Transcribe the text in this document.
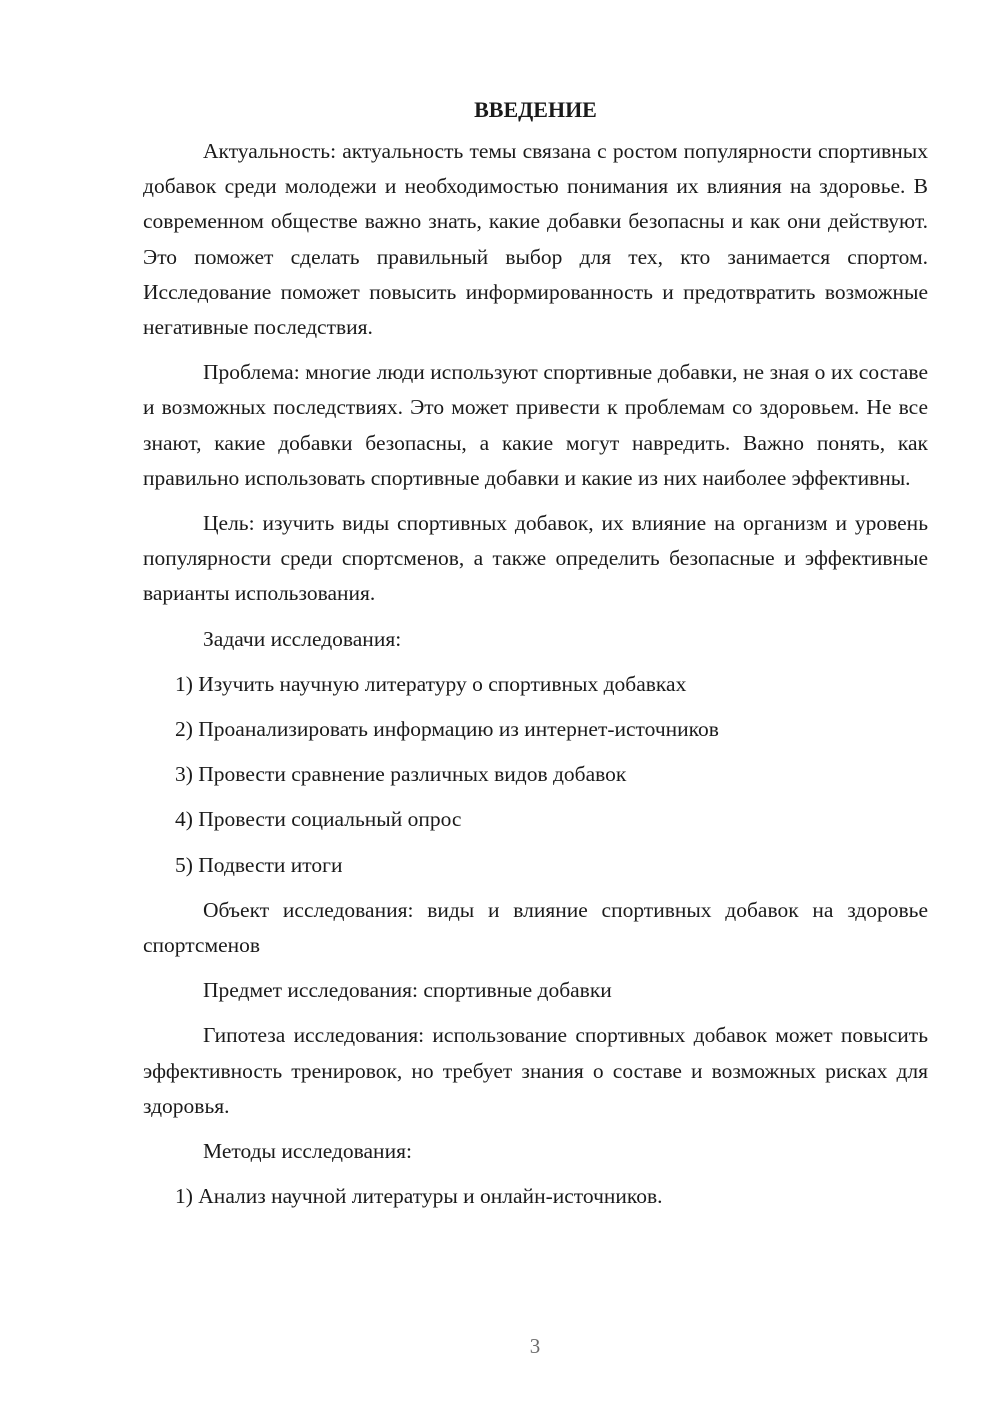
ВВЕДЕНИЕ

Актуальность: актуальность темы связана с ростом популярности спортивных добавок среди молодежи и необходимостью понимания их влияния на здоровье. В современном обществе важно знать, какие добавки безопасны и как они действуют. Это поможет сделать правильный выбор для тех, кто занимается спортом. Исследование поможет повысить информированность и предотвратить возможные негативные последствия.

Проблема: многие люди используют спортивные добавки, не зная о их составе и возможных последствиях. Это может привести к проблемам со здоровьем. Не все знают, какие добавки безопасны, а какие могут навредить. Важно понять, как правильно использовать спортивные добавки и какие из них наиболее эффективны.

Цель: изучить виды спортивных добавок, их влияние на организм и уровень популярности среди спортсменов, а также определить безопасные и эффективные варианты использования.

Задачи исследования:

1) Изучить научную литературу о спортивных добавках
2) Проанализировать информацию из интернет-источников
3) Провести сравнение различных видов добавок
4) Провести социальный опрос
5) Подвести итоги

Объект исследования: виды и влияние спортивных добавок на здоровье спортсменов

Предмет исследования: спортивные добавки

Гипотеза исследования: использование спортивных добавок может повысить эффективность тренировок, но требует знания о составе и возможных рисках для здоровья.

Методы исследования:

1) Анализ научной литературы и онлайн-источников.
3
